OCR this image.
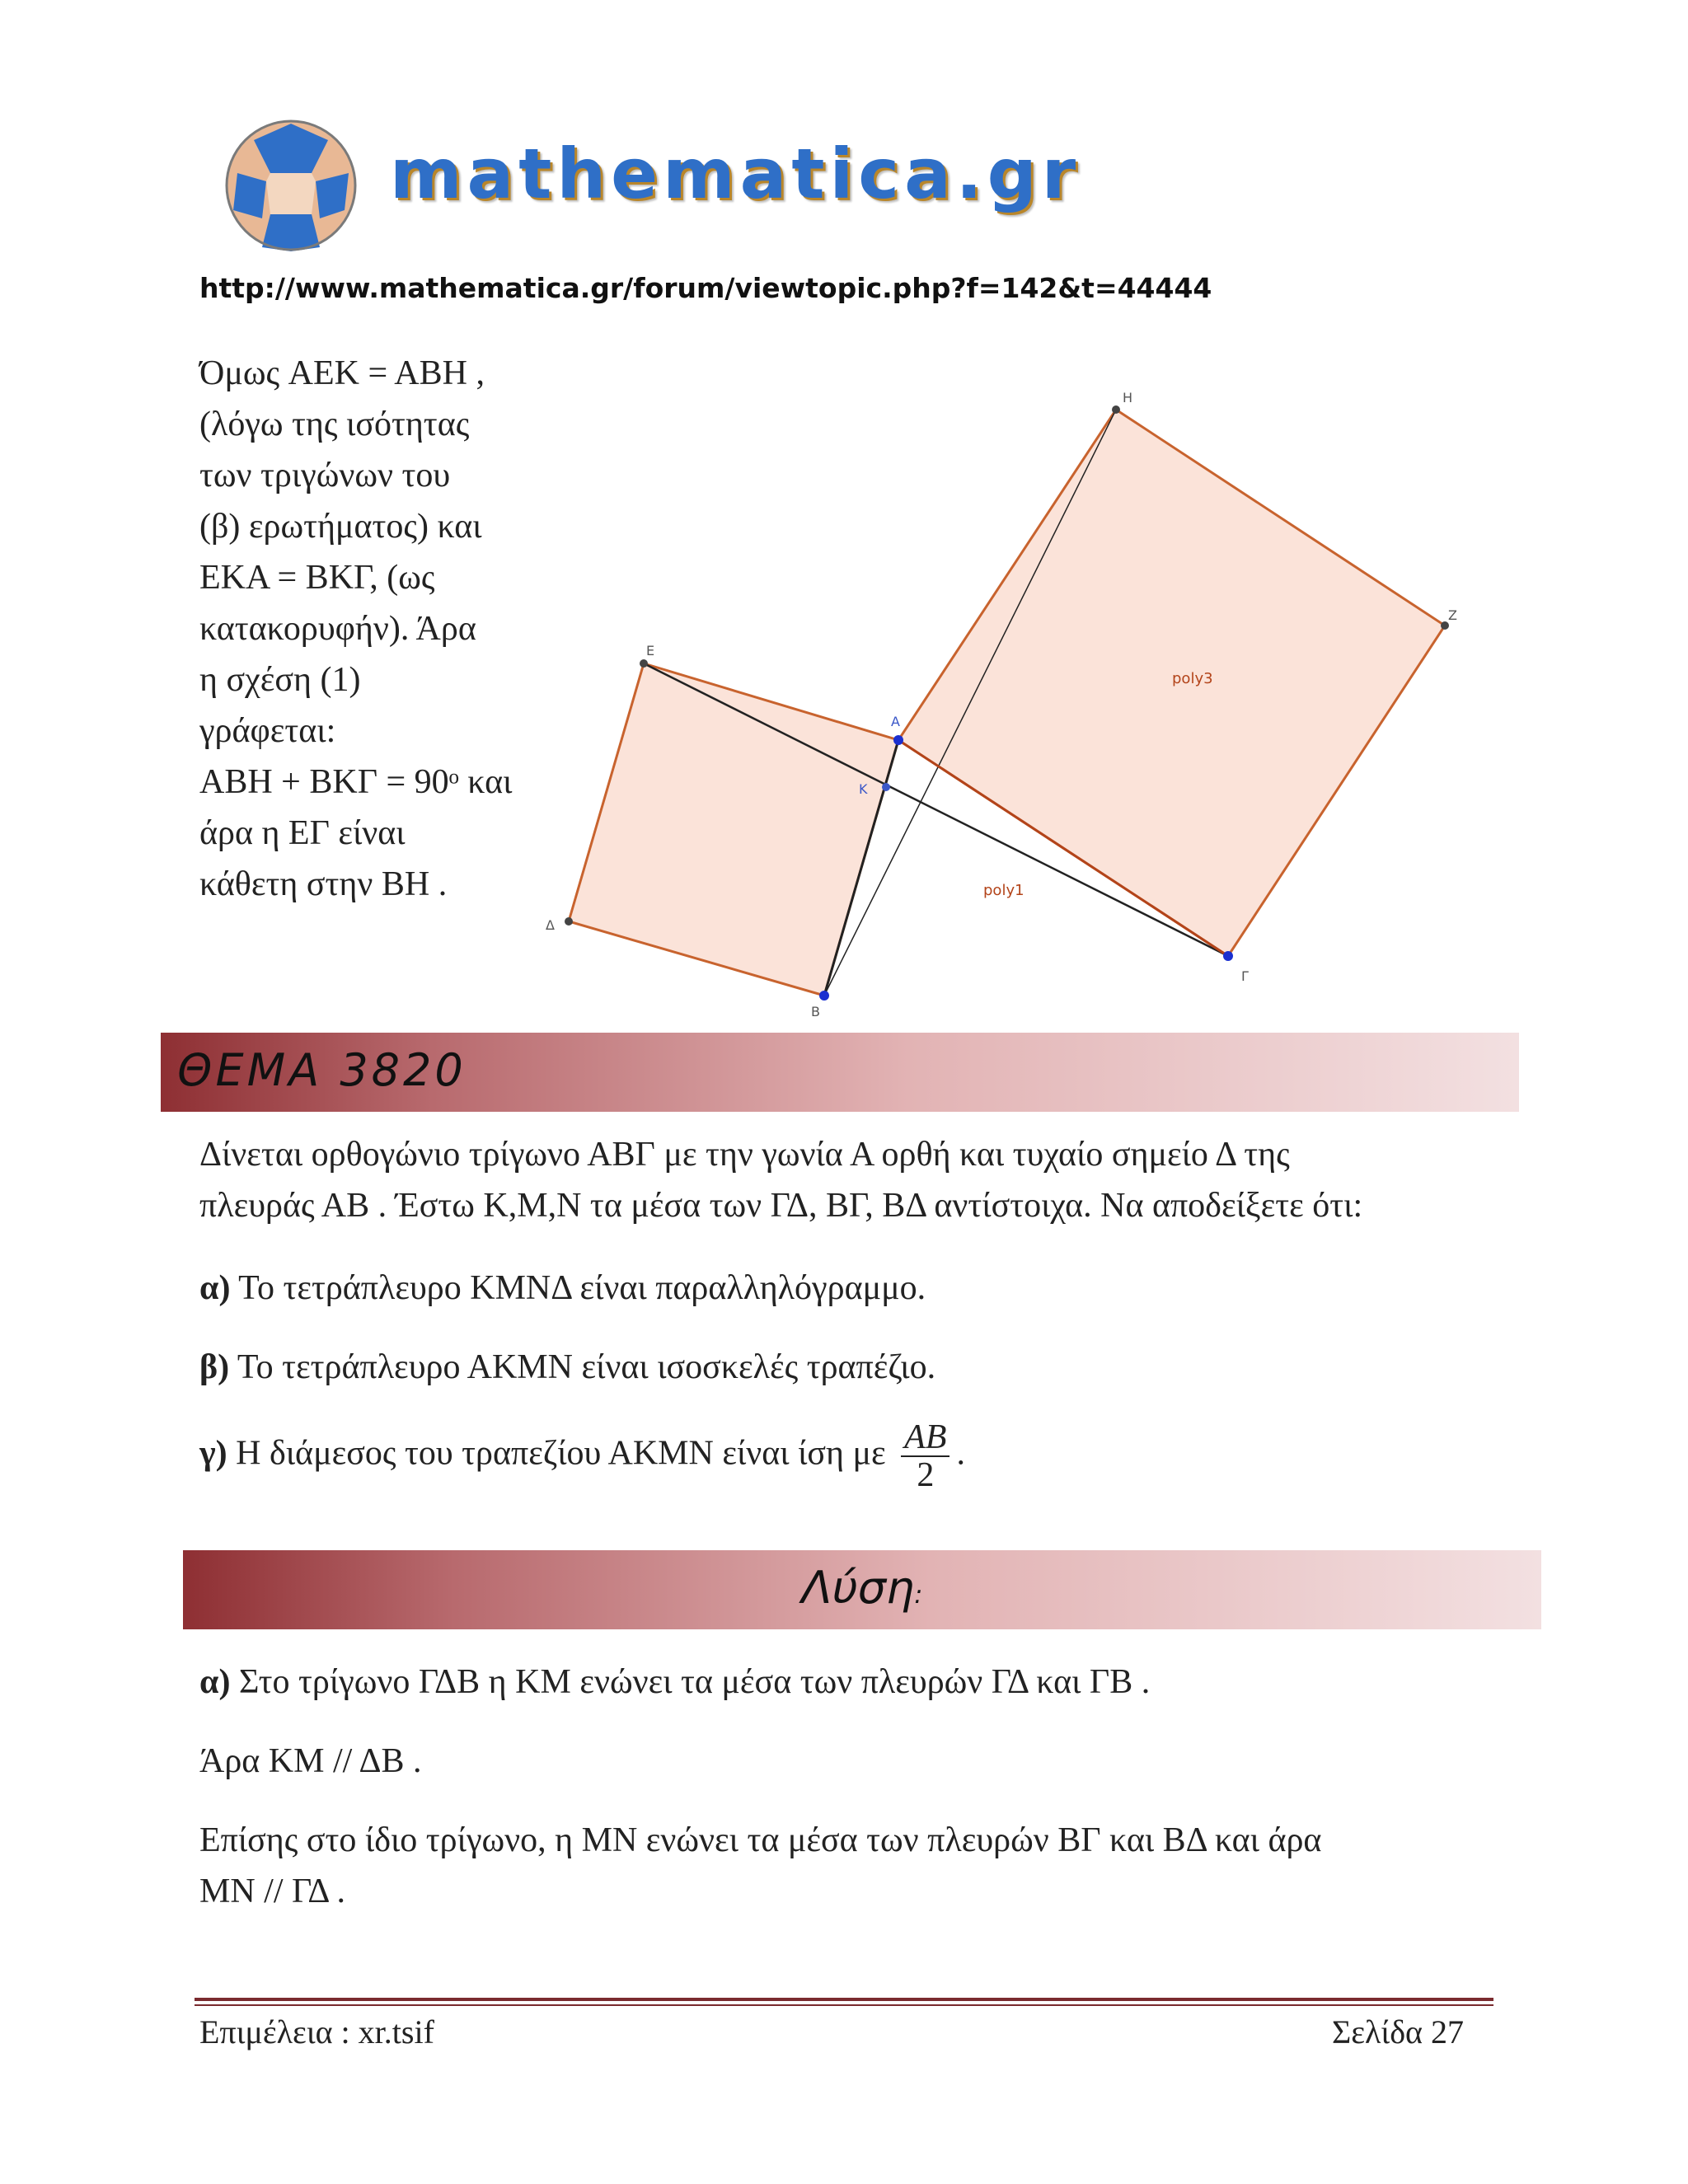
mathematica.gr
http://www.mathematica.gr/forum/viewtopic.php?f=142&t=44444
Όμως AEK = ABH ,
(λόγω της ισότητας
των τριγώνων του
(β) ερωτήματος) και
EKA = BKΓ, (ως
κατακορυφήν). Άρα
η σχέση (1)
γράφεται:
ABH + BKΓ = 90ᵒ και
άρα η EΓ είναι
κάθετη στην BH .
Η
Ζ
Ε
Α
Κ
Δ
Β
Γ
poly3
poly1
ΘΕΜΑ 3820
Δίνεται ορθογώνιο τρίγωνο ΑΒΓ με την γωνία Α ορθή και τυχαίο σημείο Δ της
πλευράς ΑΒ . Έστω Κ,Μ,Ν τα μέσα των ΓΔ, ΒΓ, ΒΔ αντίστοιχα. Να αποδείξετε ότι:
α) Το τετράπλευρο ΚΜΝΔ είναι παραλληλόγραμμο.
β) Το τετράπλευρο ΑΚΜΝ είναι ισοσκελές τραπέζιο.
γ) Η διάμεσος του τραπεζίου ΑΚΜΝ είναι ίση με $\frac{AB}{2}$ .
Λύση:
α) Στο τρίγωνο ΓΔΒ η ΚΜ ενώνει τα μέσα των πλευρών ΓΔ και ΓΒ .
Άρα ΚΜ // ΔΒ .
Επίσης στο ίδιο τρίγωνο, η ΜΝ ενώνει τα μέσα των πλευρών ΒΓ και ΒΔ και άρα
ΜΝ // ΓΔ .
Επιμέλεια : xr.tsif	Σελίδα 27
